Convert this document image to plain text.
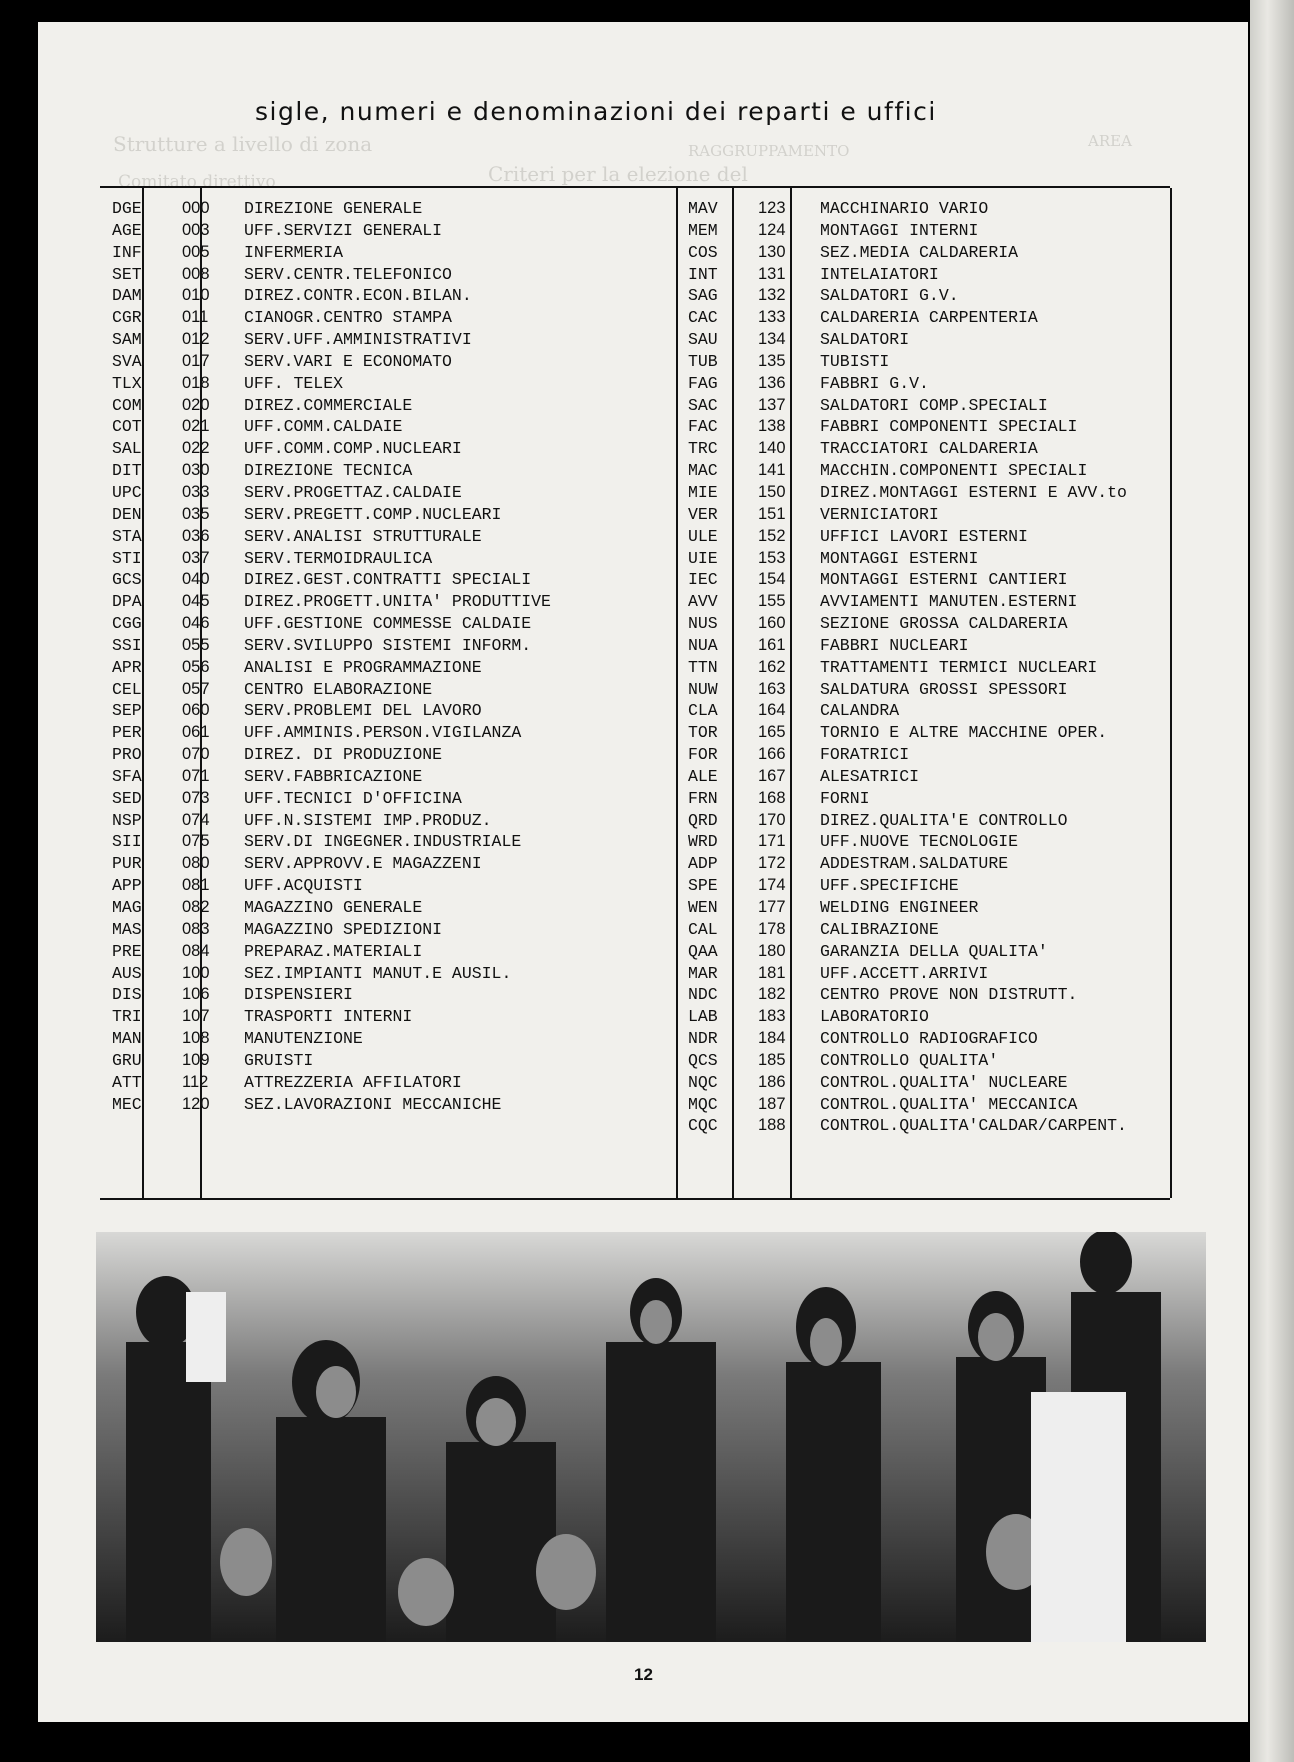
Strutture a livello di zona
Comitato direttivo	Criteri per la elezione del
AREA
RAGGRUPPAMENTO
sigle, numeri e denominazioni dei reparti e uffici
DGE 000 DIREZIONE GENERALE
AGE 003 UFF.SERVIZI GENERALI
INF 005 INFERMERIA
SET 008 SERV.CENTR.TELEFONICO
DAM 010 DIREZ.CONTR.ECON.BILAN.
CGR 011 CIANOGR.CENTRO STAMPA
SAM 012 SERV.UFF.AMMINISTRATIVI
SVA 017 SERV.VARI E ECONOMATO
TLX 018 UFF. TELEX
COM 020 DIREZ.COMMERCIALE
COT 021 UFF.COMM.CALDAIE
SAL 022 UFF.COMM.COMP.NUCLEARI
DIT 030 DIREZIONE TECNICA
UPC 033 SERV.PROGETTAZ.CALDAIE
DEN 035 SERV.PREGETT.COMP.NUCLEARI
STA 036 SERV.ANALISI STRUTTURALE
STI 037 SERV.TERMOIDRAULICA
GCS 040 DIREZ.GEST.CONTRATTI SPECIALI
DPA 045 DIREZ.PROGETT.UNITA' PRODUTTIVE
CGG 046 UFF.GESTIONE COMMESSE CALDAIE
SSI 055 SERV.SVILUPPO SISTEMI INFORM.
APR 056 ANALISI E PROGRAMMAZIONE
CEL 057 CENTRO ELABORAZIONE
SEP 060 SERV.PROBLEMI DEL LAVORO
PER 061 UFF.AMMINIS.PERSON.VIGILANZA
PRO 070 DIREZ. DI PRODUZIONE
SFA 071 SERV.FABBRICAZIONE
SED 073 UFF.TECNICI D'OFFICINA
NSP 074 UFF.N.SISTEMI IMP.PRODUZ.
SII 075 SERV.DI INGEGNER.INDUSTRIALE
PUR 080 SERV.APPROVV.E MAGAZZENI
APP 081 UFF.ACQUISTI
MAG 082 MAGAZZINO GENERALE
MAS 083 MAGAZZINO SPEDIZIONI
PRE 084 PREPARAZ.MATERIALI
AUS 100 SEZ.IMPIANTI MANUT.E AUSIL.
DIS 106 DISPENSIERI
TRI 107 TRASPORTI INTERNI
MAN 108 MANUTENZIONE
GRU 109 GRUISTI
ATT 112 ATTREZZERIA AFFILATORI
MEC 120 SEZ.LAVORAZIONI MECCANICHE
MAV 123 MACCHINARIO VARIO
MEM 124 MONTAGGI INTERNI
COS 130 SEZ.MEDIA CALDARERIA
INT 131 INTELAIATORI
SAG 132 SALDATORI G.V.
CAC 133 CALDARERIA CARPENTERIA
SAU 134 SALDATORI
TUB 135 TUBISTI
FAG 136 FABBRI G.V.
SAC 137 SALDATORI COMP.SPECIALI
FAC 138 FABBRI COMPONENTI SPECIALI
TRC 140 TRACCIATORI CALDARERIA
MAC 141 MACCHIN.COMPONENTI SPECIALI
MIE 150 DIREZ.MONTAGGI ESTERNI E AVV.to
VER 151 VERNICIATORI
ULE 152 UFFICI LAVORI ESTERNI
UIE 153 MONTAGGI ESTERNI
IEC 154 MONTAGGI ESTERNI CANTIERI
AVV 155 AVVIAMENTI MANUTEN.ESTERNI
NUS 160 SEZIONE GROSSA CALDARERIA
NUA 161 FABBRI NUCLEARI
TTN 162 TRATTAMENTI TERMICI NUCLEARI
NUW 163 SALDATURA GROSSI SPESSORI
CLA 164 CALANDRA
TOR 165 TORNIO E ALTRE MACCHINE OPER.
FOR 166 FORATRICI
ALE 167 ALESATRICI
FRN 168 FORNI
QRD 170 DIREZ.QUALITA'E CONTROLLO
WRD 171 UFF.NUOVE TECNOLOGIE
ADP 172 ADDESTRAM.SALDATURE
SPE 174 UFF.SPECIFICHE
WEN 177 WELDING ENGINEER
CAL 178 CALIBRAZIONE
QAA 180 GARANZIA DELLA QUALITA'
MAR 181 UFF.ACCETT.ARRIVI
NDC 182 CENTRO PROVE NON DISTRUTT.
LAB 183 LABORATORIO
NDR 184 CONTROLLO RADIOGRAFICO
QCS 185 CONTROLLO QUALITA'
NQC 186 CONTROL.QUALITA' NUCLEARE
MQC 187 CONTROL.QUALITA' MECCANICA
CQC 188 CONTROL.QUALITA'CALDAR/CARPENT.
12
